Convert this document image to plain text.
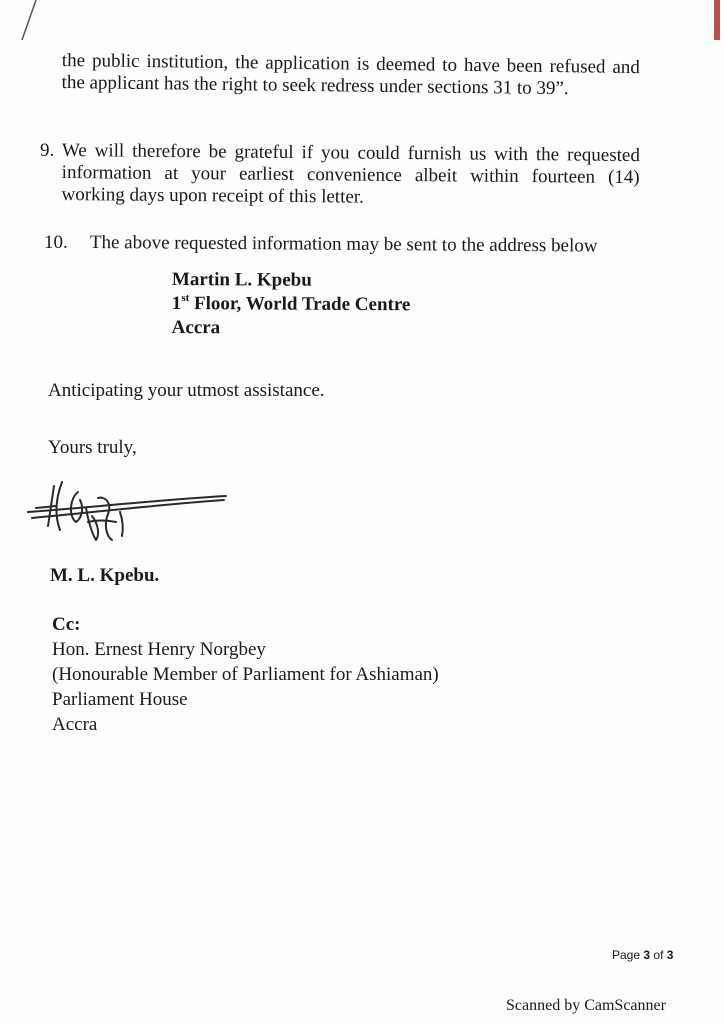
the public institution, the application is deemed to have been refused and the applicant has the right to seek redress under sections 31 to 39”.
9. We will therefore be grateful if you could furnish us with the requested information at your earliest convenience albeit within fourteen (14) working days upon receipt of this letter.
10. The above requested information may be sent to the address below
Martin L. Kpebu
1st Floor, World Trade Centre
Accra
Anticipating your utmost assistance.
Yours truly,
M. L. Kpebu.
Cc:
Hon. Ernest Henry Norgbey
(Honourable Member of Parliament for Ashiaman)
Parliament House
Accra
Page 3 of 3
Scanned by CamScanner
